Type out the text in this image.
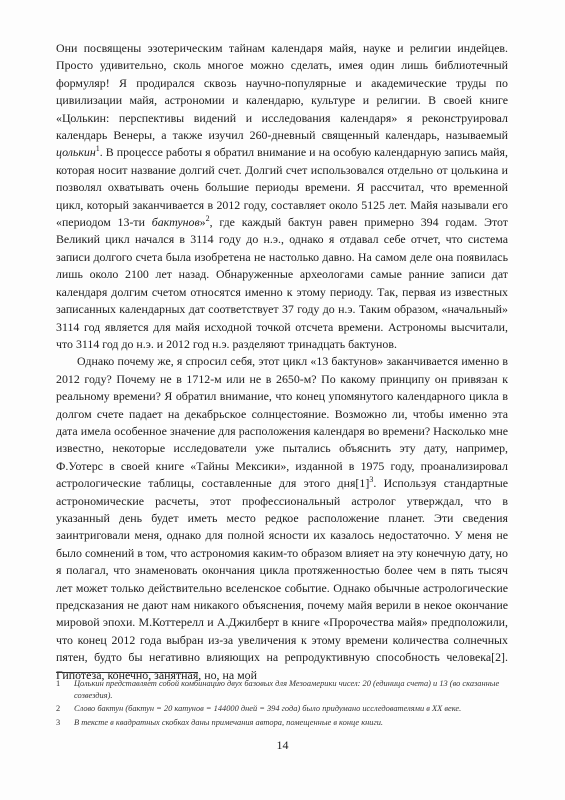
Они посвящены эзотерическим тайнам календаря майя, науке и религии индейцев. Просто удивительно, сколь многое можно сделать, имея один лишь библиотечный формуляр! Я продирался сквозь научно-популярные и академические труды по цивилизации майя, астрономии и календарю, культуре и религии. В своей книге «Цолькин: перспективы видений и исследования календаря» я реконструировал календарь Венеры, а также изучил 260-дневный священный календарь, называемый цолькин$^1$. В процессе работы я обратил внимание и на особую календарную запись майя, которая носит название долгий счет. Долгий счет использовался отдельно от цолькина и позволял охватывать очень большие периоды времени. Я рассчитал, что временной цикл, который заканчивается в 2012 году, составляет около 5125 лет. Майя называли его «периодом 13-ти бактунов»$^2$, где каждый бактун равен примерно 394 годам. Этот Великий цикл начался в 3114 году до н.э., однако я отдавал себе отчет, что система записи долгого счета была изобретена не настолько давно. На самом деле она появилась лишь около 2100 лет назад. Обнаруженные археологами самые ранние записи дат календаря долгим счетом относятся именно к этому периоду. Так, первая из известных записанных календарных дат соответствует 37 году до н.э. Таким образом, «начальный» 3114 год является для майя исходной точкой отсчета времени. Астрономы высчитали, что 3114 год до н.э. и 2012 год н.э. разделяют тринадцать бактунов.

Однако почему же, я спросил себя, этот цикл «13 бактунов» заканчивается именно в 2012 году? Почему не в 1712-м или не в 2650-м? По какому принципу он привязан к реальному времени? Я обратил внимание, что конец упомянутого календарного цикла в долгом счете падает на декабрьское солнцестояние. Возможно ли, чтобы именно эта дата имела особенное значение для расположения календаря во времени? Насколько мне известно, некоторые исследователи уже пытались объяснить эту дату, например, Ф.Уотерс в своей книге «Тайны Мексики», изданной в 1975 году, проанализировал астрологические таблицы, составленные для этого $дня[1]^3$. Используя стандартные астрономические расчеты, этот профессиональный астролог утверждал, что в указанный день будет иметь место редкое расположение планет. Эти сведения заинтриговали меня, однако для полной ясности их казалось недостаточно. У меня не было сомнений в том, что астрономия каким-то образом влияет на эту конечную дату, но я полагал, что знаменовать окончания цикла протяженностью более чем в пять тысяч лет может только действительно вселенское событие. Однако обычные астрологические предсказания не дают нам никакого объяснения, почему майя верили в некое окончание мировой эпохи. М.Коттерелл и А.Джилберт в книге «Пророчества майя» предположили, что конец 2012 года выбран из-за увеличения к этому времени количества солнечных пятен, будто бы негативно влияющих на репродуктивную способность человека[2]. Гипотеза, конечно, занятная, но, на мой

1	Цолькин представляет собой комбинацию двух базовых для Мезоамерики чисел: 20 (единица счета) и 13 (во сказанные созвездия).
2	Слово бактун (бактун = 20 катунов = 144000 дней = 394 года) было придумано исследователями в XX веке.
3	В тексте в квадратных скобках даны примечания автора, помещенные в конце книги.
14
